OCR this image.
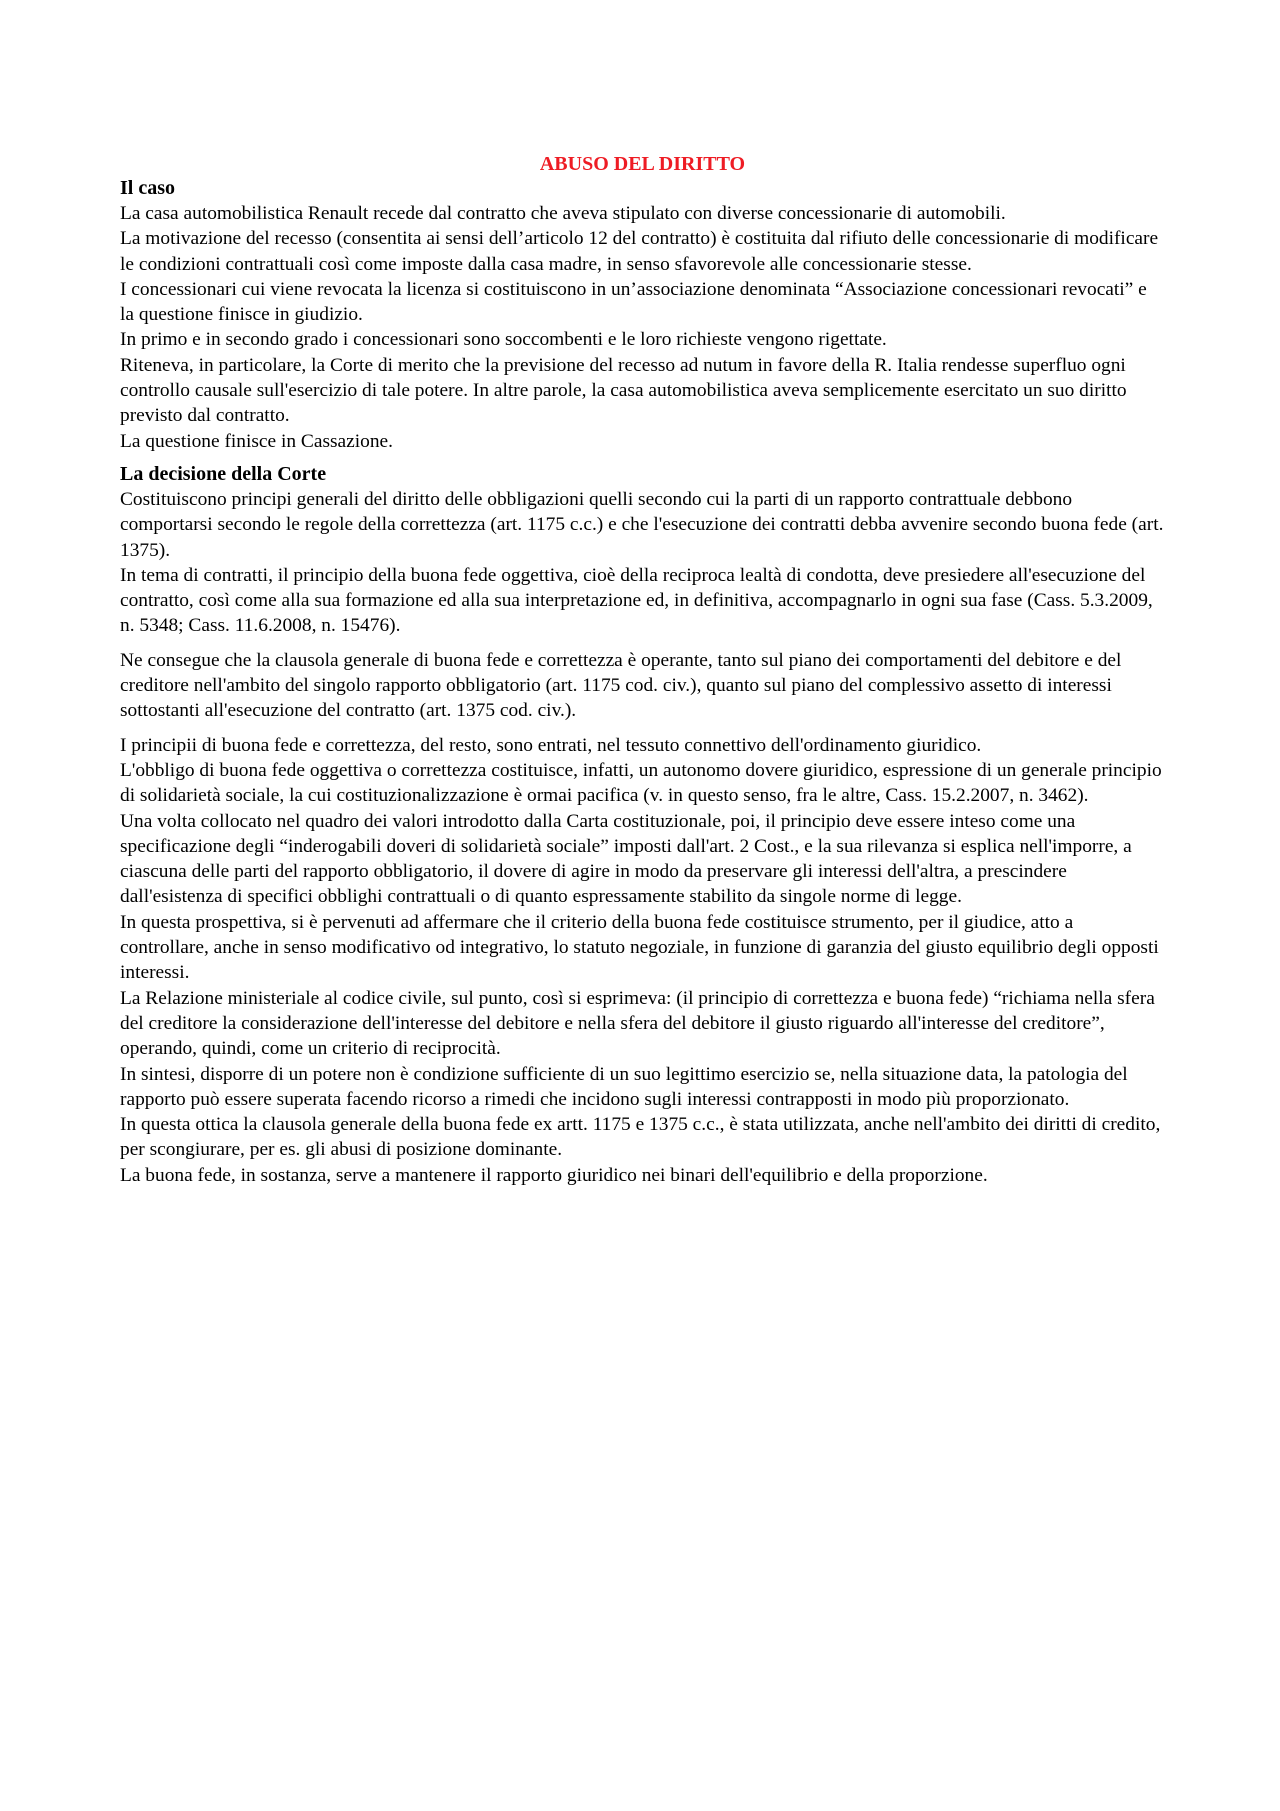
ABUSO DEL DIRITTO
Il caso

La casa automobilistica Renault recede dal contratto che aveva stipulato con diverse concessionarie di automobili.

La motivazione del recesso (consentita ai sensi dell’articolo 12 del contratto) è costituita dal rifiuto delle concessionarie di modificare le condizioni contrattuali così come imposte dalla casa madre, in senso sfavorevole alle concessionarie stesse.

I concessionari cui viene revocata la licenza si costituiscono in un’associazione denominata “Associazione concessionari revocati” e la questione finisce in giudizio.

In primo e in secondo grado i concessionari sono soccombenti e le loro richieste vengono rigettate.

Riteneva, in particolare, la Corte di merito che la previsione del recesso ad nutum in favore della R. Italia rendesse superfluo ogni controllo causale sull'esercizio di tale potere. In altre parole, la casa automobilistica aveva semplicemente esercitato un suo diritto previsto dal contratto.

La questione finisce in Cassazione.

La decisione della Corte

Costituiscono principi generali del diritto delle obbligazioni quelli secondo cui la parti di un rapporto contrattuale debbono comportarsi secondo le regole della correttezza (art. 1175 c.c.) e che l'esecuzione dei contratti debba avvenire secondo buona fede (art. 1375).

In tema di contratti, il principio della buona fede oggettiva, cioè della reciproca lealtà di condotta, deve presiedere all'esecuzione del contratto, così come alla sua formazione ed alla sua interpretazione ed, in definitiva, accompagnarlo in ogni sua fase (Cass. 5.3.2009, n. 5348; Cass. 11.6.2008, n. 15476).

Ne consegue che la clausola generale di buona fede e correttezza è operante, tanto sul piano dei comportamenti del debitore e del creditore nell'ambito del singolo rapporto obbligatorio (art. 1175 cod. civ.), quanto sul piano del complessivo assetto di interessi sottostanti all'esecuzione del contratto (art. 1375 cod. civ.).

I principii di buona fede e correttezza, del resto, sono entrati, nel tessuto connettivo dell'ordinamento giuridico.

L'obbligo di buona fede oggettiva o correttezza costituisce, infatti, un autonomo dovere giuridico, espressione di un generale principio di solidarietà sociale, la cui costituzionalizzazione è ormai pacifica (v. in questo senso, fra le altre, Cass. 15.2.2007, n. 3462).

Una volta collocato nel quadro dei valori introdotto dalla Carta costituzionale, poi, il principio deve essere inteso come una specificazione degli “inderogabili doveri di solidarietà sociale” imposti dall'art. 2 Cost., e la sua rilevanza si esplica nell'imporre, a ciascuna delle parti del rapporto obbligatorio, il dovere di agire in modo da preservare gli interessi dell'altra, a prescindere dall'esistenza di specifici obblighi contrattuali o di quanto espressamente stabilito da singole norme di legge.

In questa prospettiva, si è pervenuti ad affermare che il criterio della buona fede costituisce strumento, per il giudice, atto a controllare, anche in senso modificativo od integrativo, lo statuto negoziale, in funzione di garanzia del giusto equilibrio degli opposti interessi.

La Relazione ministeriale al codice civile, sul punto, così si esprimeva: (il principio di correttezza e buona fede) “richiama nella sfera del creditore la considerazione dell'interesse del debitore e nella sfera del debitore il giusto riguardo all'interesse del creditore”, operando, quindi, come un criterio di reciprocità.

In sintesi, disporre di un potere non è condizione sufficiente di un suo legittimo esercizio se, nella situazione data, la patologia del rapporto può essere superata facendo ricorso a rimedi che incidono sugli interessi contrapposti in modo più proporzionato.

In questa ottica la clausola generale della buona fede ex artt. 1175 e 1375 c.c., è stata utilizzata, anche nell'ambito dei diritti di credito, per scongiurare, per es. gli abusi di posizione dominante.

La buona fede, in sostanza, serve a mantenere il rapporto giuridico nei binari dell'equilibrio e della proporzione.
